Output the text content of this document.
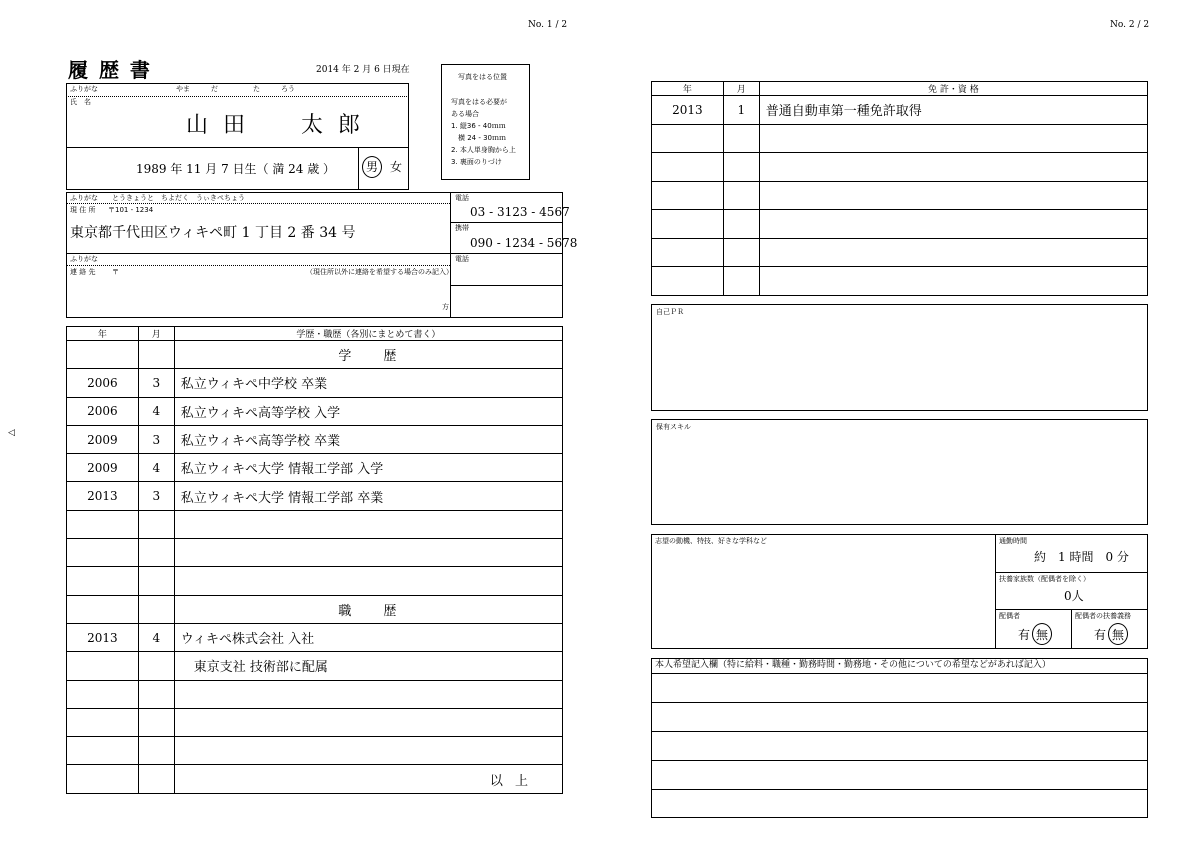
No. 1 / 2	No. 2 / 2
◁
履 歴 書	2014 年 2 月 6 日現在
写真をはる位置
写真をはる必要が
ある場合
1. 縦36 - 40ｍｍ
　横 24 - 30ｍｍ
2. 本人単身胸から上
3. 裏面のりづけ
ふりがな	やま　　　だ　　　　　た　　　ろう
氏　名
山 田　　太 郎
1989 年 11 月 7 日生（ 満 24 歳 ）	男 女
ふりがな とうきょうと　ちよだく　うぃきぺちょう
現 住 所 〒101 - 1234
東京都千代田区ウィキペ町 1 丁目 2 番 34 号
電話
03 - 3123 - 4567
携帯
090 - 1234 - 5678
ふりがな
連 絡 先 〒	（現住所以外に連絡を希望する場合のみ記入）
方
電話
年	月	学歴・職歴（各別にまとめて書く）
		学　　歴
2006	3	私立ウィキペ中学校 卒業
2006	4	私立ウィキペ高等学校 入学
2009	3	私立ウィキペ高等学校 卒業
2009	4	私立ウィキペ大学 情報工学部 入学
2013	3	私立ウィキペ大学 情報工学部 卒業

		職　　歴
2013	4	ウィキペ株式会社 入社
		　東京支社 技術部に配属

		以 上
年	月	免 許・資 格
2013	1	普通自動車第一種免許取得

自己ＰＲ
保有スキル
志望の動機、特技、好きな学科など	通勤時間
約　1 時間　0 分
扶養家族数（配偶者を除く）
0人
配偶者
有 無
配偶者の扶養義務
有 無
本人希望記入欄（特に給料・職種・勤務時間・勤務地・その他についての希望などがあれば記入）
